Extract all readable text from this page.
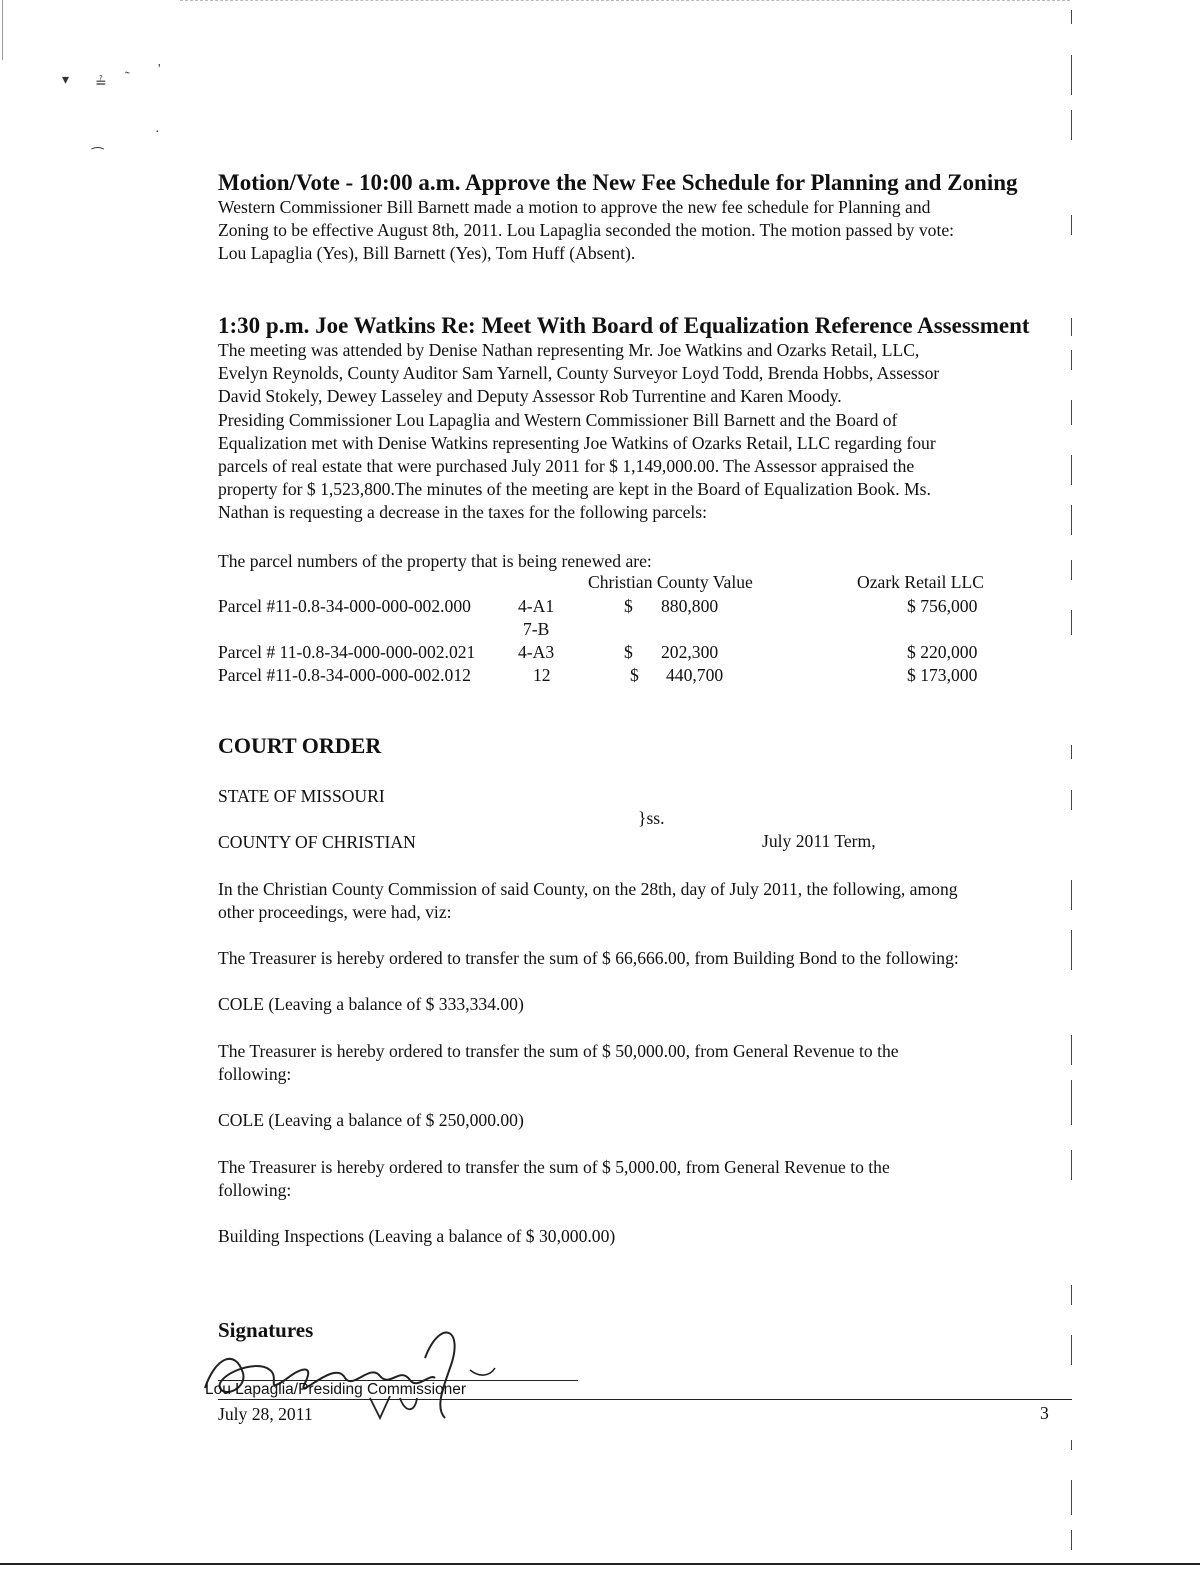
▾ ≟ ˜
'
·
⁀
Motion/Vote - 10:00 a.m. Approve the New Fee Schedule for Planning and Zoning
Western Commissioner Bill Barnett made a motion to approve the new fee schedule for Planning and
Zoning to be effective August 8th, 2011. Lou Lapaglia seconded the motion. The motion passed by vote:
Lou Lapaglia (Yes), Bill Barnett (Yes), Tom Huff (Absent).
1:30 p.m. Joe Watkins Re: Meet With Board of Equalization Reference Assessment
The meeting was attended by Denise Nathan representing Mr. Joe Watkins and Ozarks Retail, LLC,
Evelyn Reynolds, County Auditor Sam Yarnell, County Surveyor Loyd Todd, Brenda Hobbs, Assessor
David Stokely, Dewey Lasseley and Deputy Assessor Rob Turrentine and Karen Moody.
Presiding Commissioner Lou Lapaglia and Western Commissioner Bill Barnett and the Board of
Equalization met with Denise Watkins representing Joe Watkins of Ozarks Retail, LLC regarding four
parcels of real estate that were purchased July 2011 for $ 1,149,000.00. The Assessor appraised the
property for $ 1,523,800.The minutes of the meeting are kept in the Board of Equalization Book. Ms.
Nathan is requesting a decrease in the taxes for the following parcels:
The parcel numbers of the property that is being renewed are:
Christian County Value	Ozark Retail LLC
Parcel #11-0.8-34-000-000-002.000	4-A1	$ 880,800	$ 756,000
7-B
Parcel # 11-0.8-34-000-000-002.021 4-A3	$ 202,300	$ 220,000
Parcel #11-0.8-34-000-000-002.012	12	$ 440,700	$ 173,000
COURT ORDER
STATE OF MISSOURI
}ss.
COUNTY OF CHRISTIAN	July 2011 Term,
In the Christian County Commission of said County, on the 28th, day of July 2011, the following, among
other proceedings, were had, viz:
The Treasurer is hereby ordered to transfer the sum of $ 66,666.00, from Building Bond to the following:
COLE (Leaving a balance of $ 333,334.00)
The Treasurer is hereby ordered to transfer the sum of $ 50,000.00, from General Revenue to the
following:
COLE (Leaving a balance of $ 250,000.00)
The Treasurer is hereby ordered to transfer the sum of $ 5,000.00, from General Revenue to the
following:
Building Inspections (Leaving a balance of $ 30,000.00)
Signatures
Lou Lapaglia/Presiding Commissioner
July 28, 2011	3
